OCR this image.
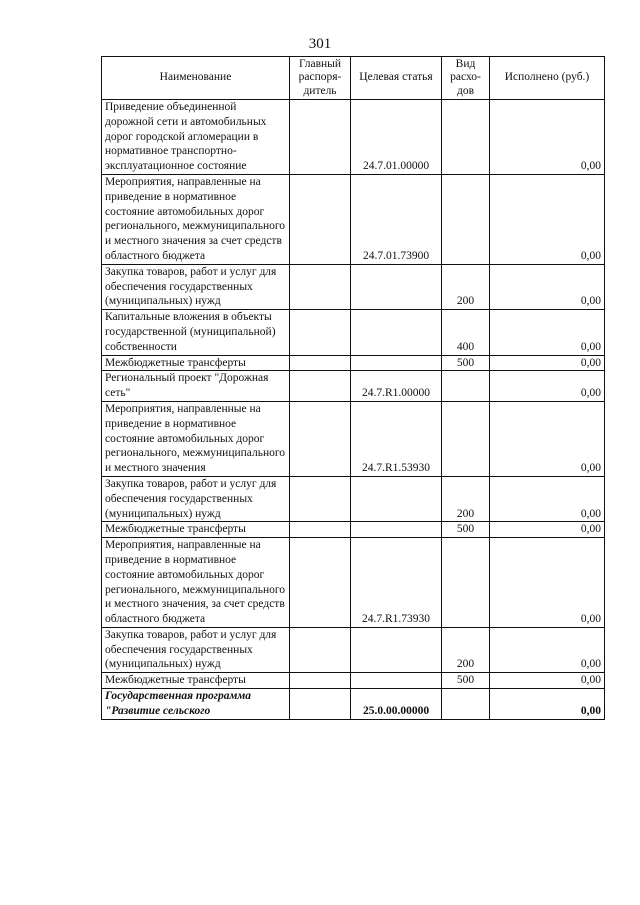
301
Наименование	Главный распоря-дитель	Целевая статья	Вид расхо-дов	Исполнено (руб.)
Приведение объединенной дорожной сети и автомобильных дорог городской агломерации в нормативное транспортно-эксплуатационное состояние		24.7.01.00000		0,00
Мероприятия, направленные на приведение в нормативное состояние автомобильных дорог регионального, межмуниципального и местного значения за счет средств областного бюджета		24.7.01.73900		0,00
Закупка товаров, работ и услуг для обеспечения государственных (муниципальных) нужд			200	0,00
Капитальные вложения в объекты государственной (муниципальной) собственности			400	0,00
Межбюджетные трансферты			500	0,00
Региональный проект "Дорожная сеть"		24.7.R1.00000		0,00
Мероприятия, направленные на приведение в нормативное состояние автомобильных дорог регионального, межмуниципального и местного значения		24.7.R1.53930		0,00
Закупка товаров, работ и услуг для обеспечения государственных (муниципальных) нужд			200	0,00
Межбюджетные трансферты			500	0,00
Мероприятия, направленные на приведение в нормативное состояние автомобильных дорог регионального, межмуниципального и местного значения, за счет средств областного бюджета		24.7.R1.73930		0,00
Закупка товаров, работ и услуг для обеспечения государственных (муниципальных) нужд			200	0,00
Межбюджетные трансферты			500	0,00
Государственная программа "Развитие сельского		25.0.00.00000		0,00
